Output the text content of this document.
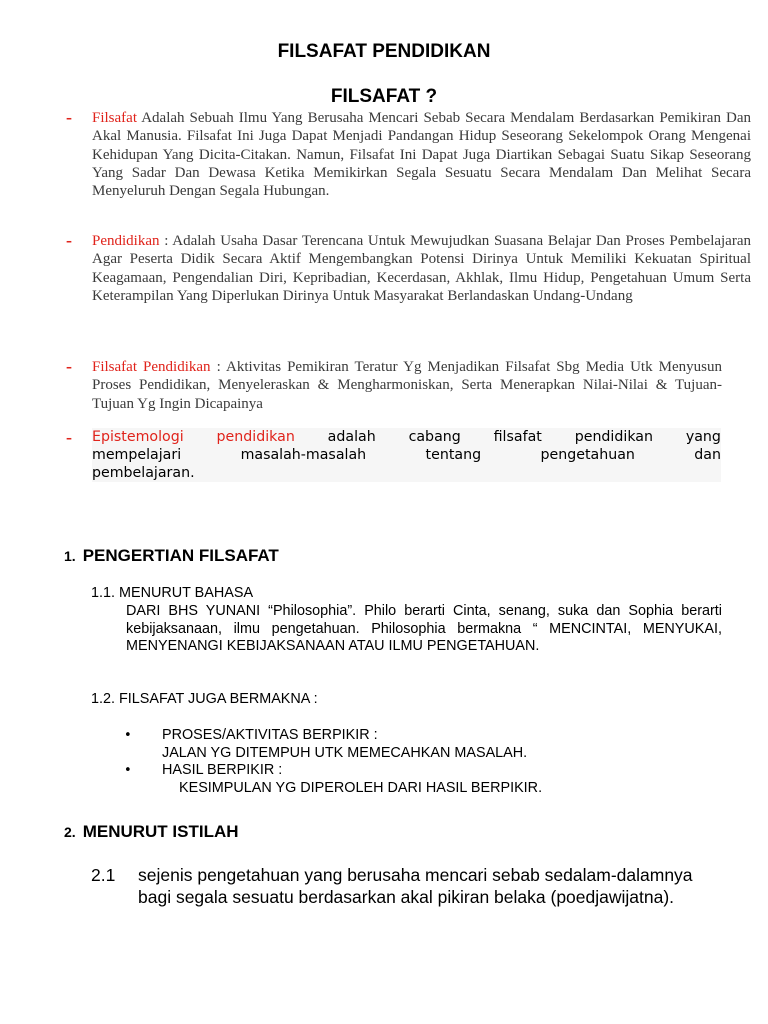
FILSAFAT PENDIDIKAN
FILSAFAT ?
- Filsafat Adalah Sebuah Ilmu Yang Berusaha Mencari Sebab Secara Mendalam Berdasarkan Pemikiran Dan Akal Manusia. Filsafat Ini Juga Dapat Menjadi Pandangan Hidup Seseorang Sekelompok Orang Mengenai Kehidupan Yang Dicita-Citakan. Namun, Filsafat Ini Dapat Juga Diartikan Sebagai Suatu Sikap Seseorang Yang Sadar Dan Dewasa Ketika Memikirkan Segala Sesuatu Secara Mendalam Dan Melihat Secara Menyeluruh Dengan Segala Hubungan.
- Pendidikan : Adalah Usaha Dasar Terencana Untuk Mewujudkan Suasana Belajar Dan Proses Pembelajaran Agar Peserta Didik Secara Aktif Mengembangkan Potensi Dirinya Untuk Memiliki Kekuatan Spiritual Keagamaan, Pengendalian Diri, Kepribadian, Kecerdasan, Akhlak, Ilmu Hidup, Pengetahuan Umum Serta Keterampilan Yang Diperlukan Dirinya Untuk Masyarakat Berlandaskan Undang-Undang
- Filsafat Pendidikan : Aktivitas Pemikiran Teratur Yg Menjadikan Filsafat Sbg Media Utk Menyusun Proses Pendidikan, Menyeleraskan & Mengharmoniskan, Serta Menerapkan Nilai-Nilai & Tujuan-Tujuan Yg Ingin Dicapainya
- Epistemologi pendidikan adalah cabang filsafat pendidikan yang
mempelajari	masalah-masalah	tentang	pengetahuan	dan
pembelajaran.
1. PENGERTIAN FILSAFAT
1.1. MENURUT BAHASA
DARI BHS YUNANI “Philosophia”. Philo berarti Cinta, senang, suka dan Sophia berarti kebijaksanaan, ilmu pengetahuan. Philosophia bermakna “ MENCINTAI, MENYUKAI, MENYENANGI KEBIJAKSANAAN ATAU ILMU PENGETAHUAN.
1.2. FILSAFAT JUGA BERMAKNA :
• PROSES/AKTIVITAS BERPIKIR :
JALAN YG DITEMPUH UTK MEMECAHKAN MASALAH.
• HASIL BERPIKIR :
KESIMPULAN YG DIPEROLEH DARI HASIL BERPIKIR.
2. MENURUT ISTILAH
2.1 sejenis pengetahuan yang berusaha mencari sebab sedalam-dalamnya bagi segala sesuatu berdasarkan akal pikiran belaka (poedjawijatna).
